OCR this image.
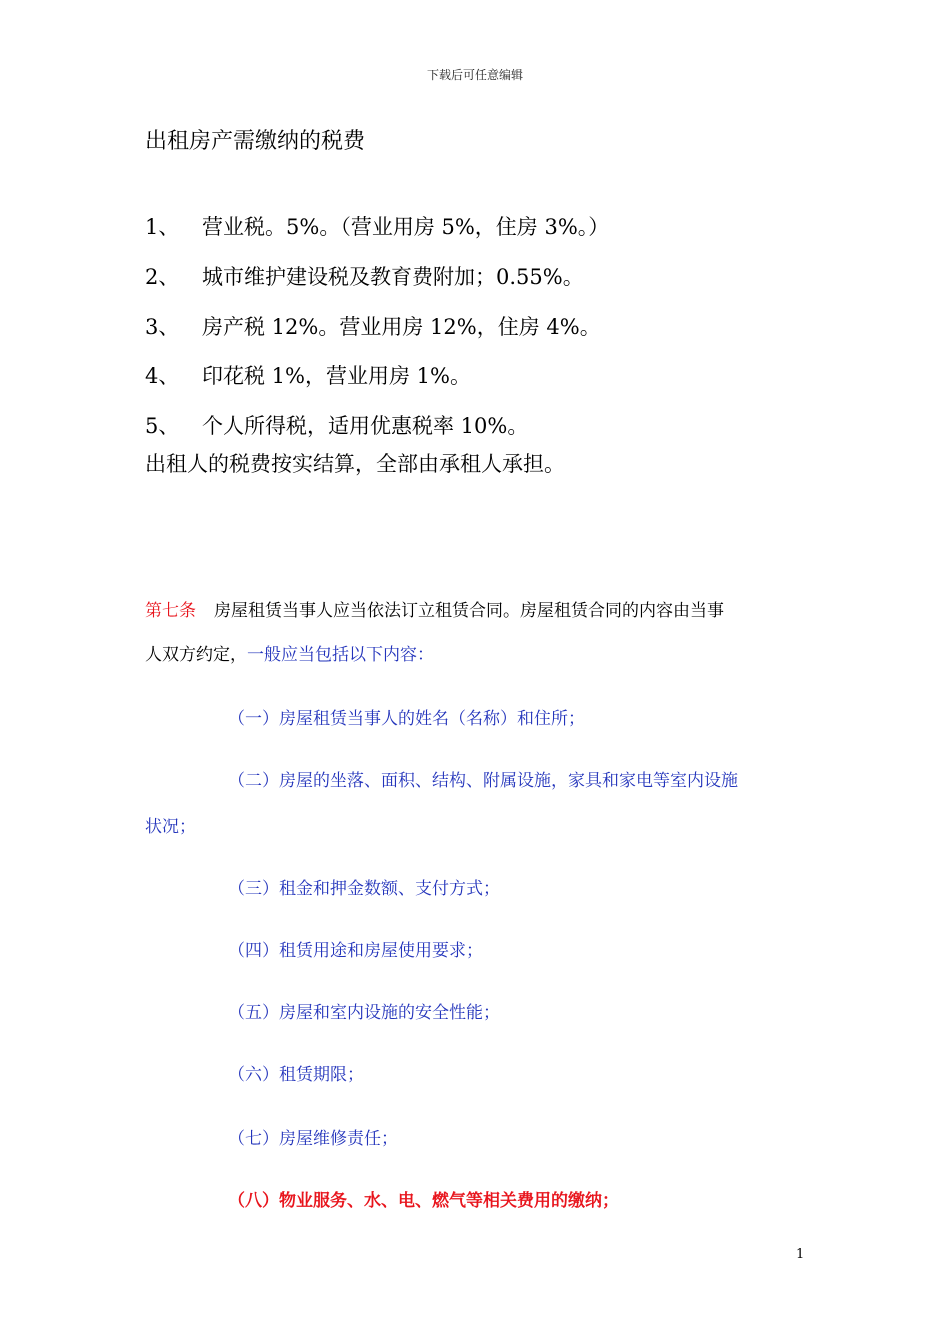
下载后可任意编辑
出租房产需缴纳的税费
1、 营业税。5%。（营业用房 5%，住房 3%。）
2、 城市维护建设税及教育费附加；0.55%。
3、 房产税 12%。营业用房 12%，住房 4%。
4、 印花税 1%，营业用房 1%。
5、 个人所得税，适用优惠税率 10%。
出租人的税费按实结算，全部由承租人承担。
第七条 房屋租赁当事人应当依法订立租赁合同。房屋租赁合同的内容由当事
人双方约定，一般应当包括以下内容：
（一）房屋租赁当事人的姓名（名称）和住所；
（二）房屋的坐落、面积、结构、附属设施，家具和家电等室内设施
状况；
（三）租金和押金数额、支付方式；
（四）租赁用途和房屋使用要求；
（五）房屋和室内设施的安全性能；
（六）租赁期限；
（七）房屋维修责任；
（八）物业服务、水、电、燃气等相关费用的缴纳；
1
